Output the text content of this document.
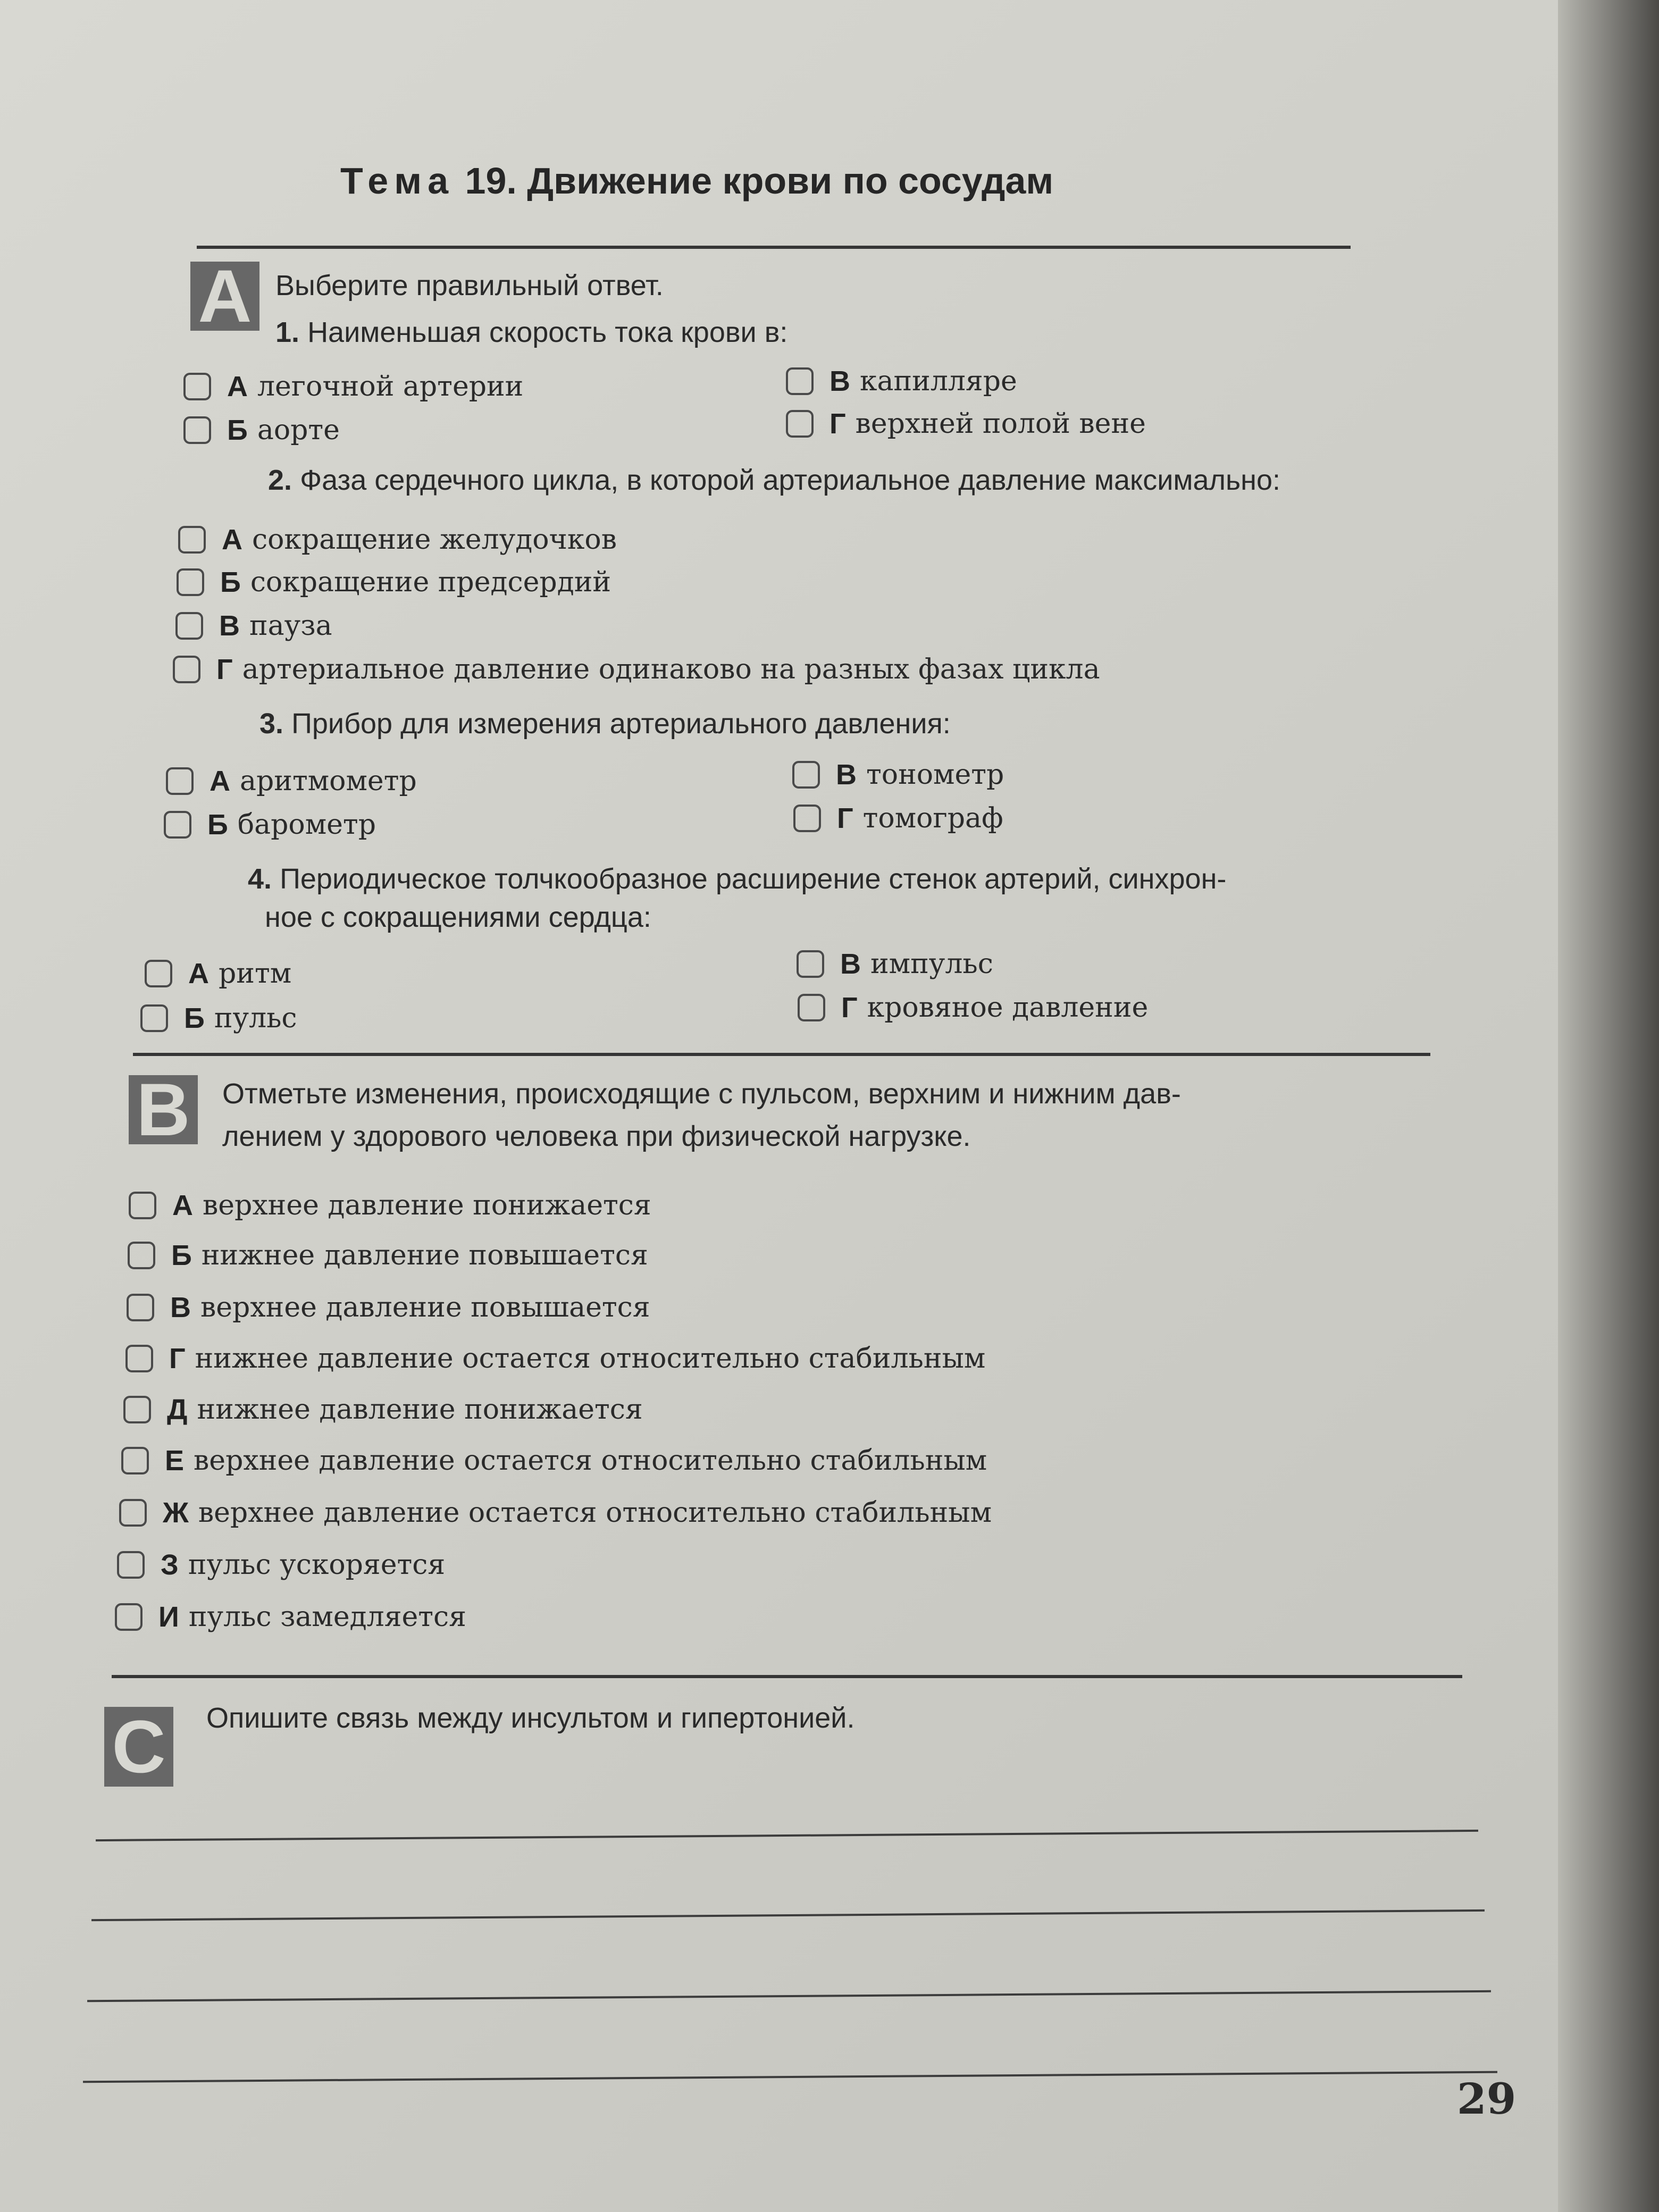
Тема 19. Движение крови по сосудам
A Выберите правильный ответ.
1. Наименьшая скорость тока крови в:
А легочной артерии
Б аорте
В капилляре
Г верхней полой вене
2. Фаза сердечного цикла, в которой артериальное давление максимально:
А сокращение желудочков
Б сокращение предсердий
В пауза
Г артериальное давление одинаково на разных фазах цикла
3. Прибор для измерения артериального давления:
А аритмометр
Б барометр
В тонометр
Г томограф
4. Периодическое толчкообразное расширение стенок артерий, синхрон-
ное с сокращениями сердца:
А ритм
Б пульс
В импульс
Г кровяное давление
B Отметьте изменения, происходящие с пульсом, верхним и нижним дав-
лением у здорового человека при физической нагрузке.
А верхнее давление понижается
Б нижнее давление повышается
В верхнее давление повышается
Г нижнее давление остается относительно стабильным
Д нижнее давление понижается
Е верхнее давление остается относительно стабильным
Ж верхнее давление остается относительно стабильным
З пульс ускоряется
И пульс замедляется
C Опишите связь между инсультом и гипертонией.
29
